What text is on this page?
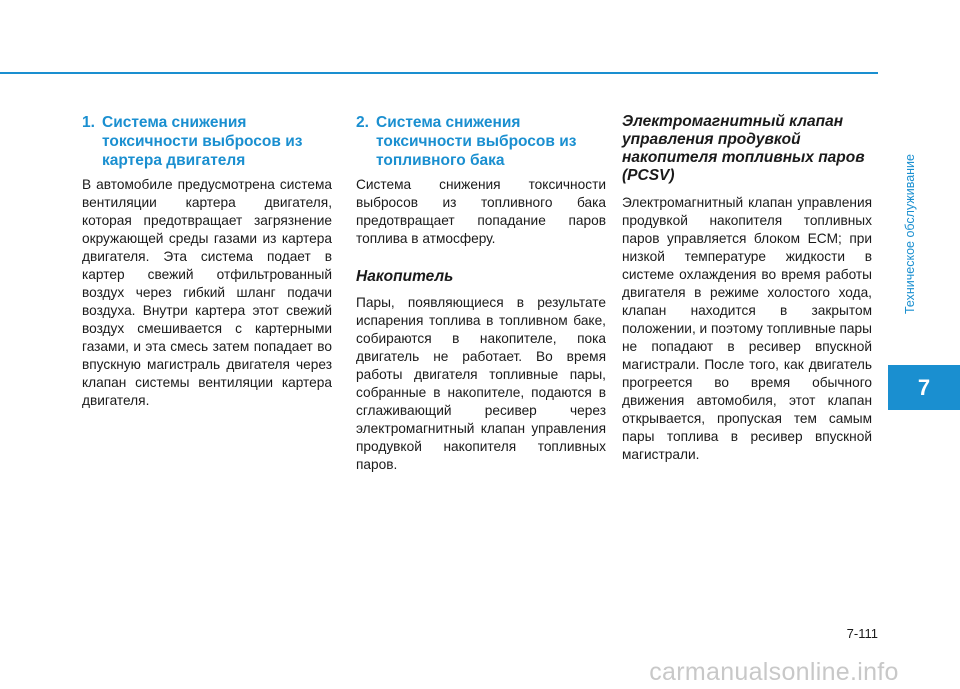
1. Система снижения токсичности выбросов из картера двигателя

В автомобиле предусмотрена система вентиляции картера двигателя, которая предотвращает загрязнение окружающей среды газами из картера двигателя. Эта система подает в картер свежий отфильтрованный воздух через гибкий шланг подачи воздуха. Внутри картера этот свежий воздух смешивается с картерными газами, и эта смесь затем попадает во впускную магистраль двигателя через клапан системы вентиляции картера двигателя.

2. Система снижения токсичности выбросов из топливного бака

Система снижения токсичности выбросов из топливного бака предотвращает попадание паров топлива в атмосферу.

Накопитель

Пары, появляющиеся в результате испарения топлива в топливном баке, собираются в накопителе, пока двигатель не работает. Во время работы двигателя топливные пары, собранные в накопителе, подаются в сглаживающий ресивер через электромагнитный клапан управления продувкой накопителя топливных паров.

Электромагнитный клапан управления продувкой накопителя топливных паров (PCSV)

Электромагнитный клапан управления продувкой накопителя топливных паров управляется блоком ECM; при низкой температуре жидкости в системе охлаждения во время работы двигателя в режиме холостого хода, клапан находится в закрытом положении, и поэтому топливные пары не попадают в ресивер впускной магистрали. После того, как двигатель прогреется во время обычного движения автомобиля, этот клапан открывается, пропуская тем самым пары топлива в ресивер впускной магистрали.

Техническое обслуживание
7
7-111
carmanualsonline.info
